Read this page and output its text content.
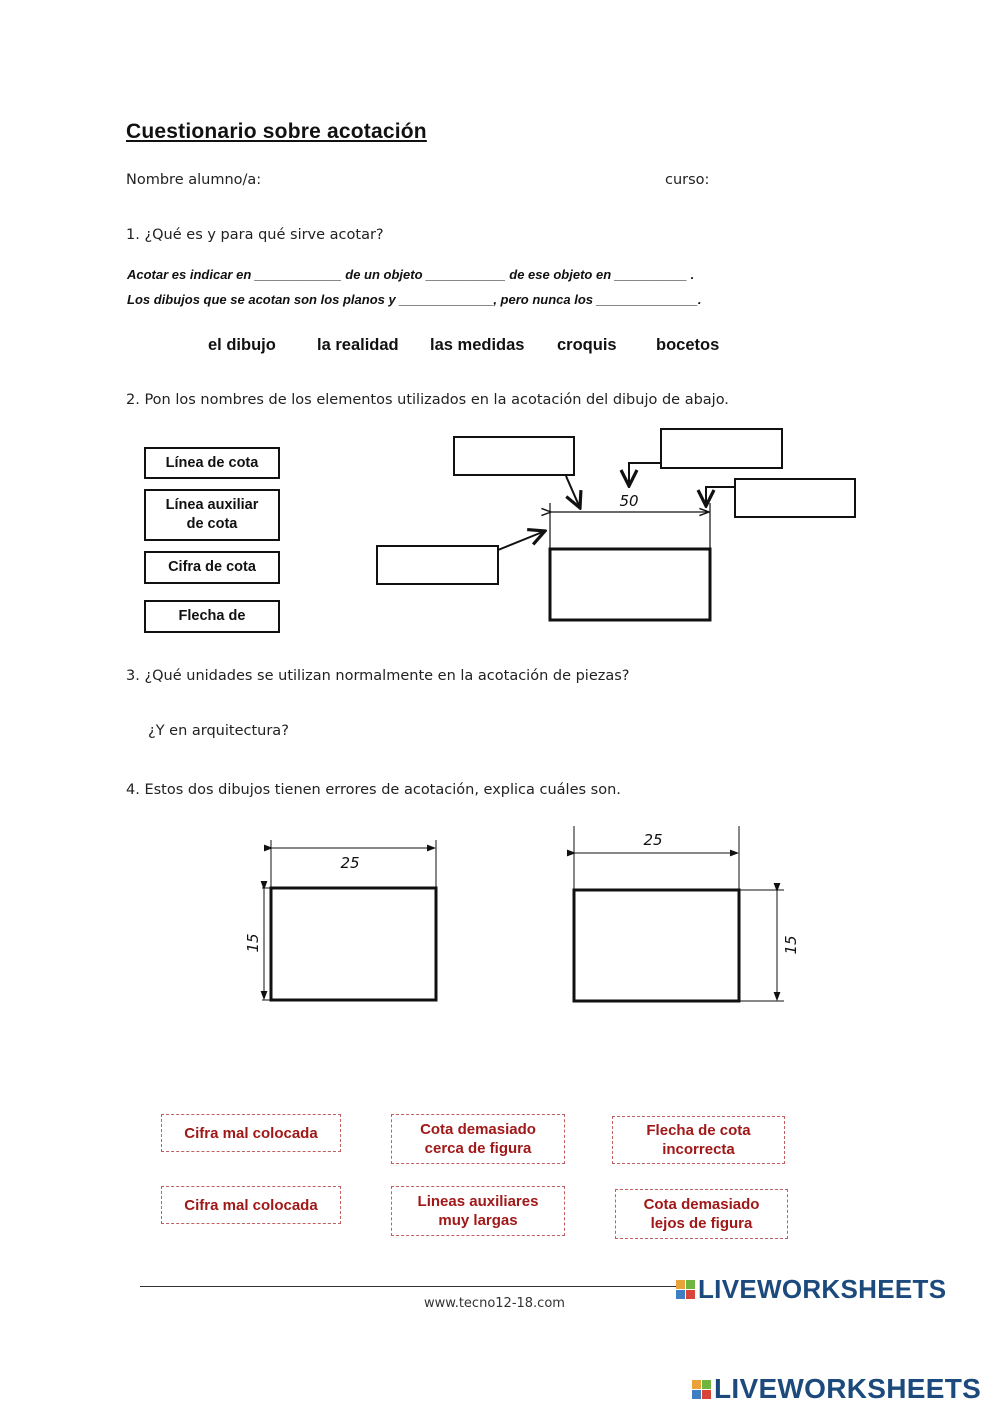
Cuestionario sobre acotación
Nombre alumno/a:	curso:
1. ¿Qué es y para qué sirve acotar?
Acotar es indicar en ____________ de un objeto ___________ de ese objeto en __________ .
Los dibujos que se acotan son los planos y _____________, pero nunca los ______________.
el dibujo la realidad las medidas croquis bocetos
2. Pon los nombres de los elementos utilizados en la acotación del dibujo de abajo.
Línea de cota
Línea auxiliar de cota
Cifra de cota
Flecha de
50
3. ¿Qué unidades se utilizan normalmente en la acotación de piezas?
¿Y en arquitectura?
4. Estos dos dibujos tienen errores de acotación, explica cuáles son.
25
15
25
15
Cifra mal colocada	Cota demasiado cerca de figura
Flecha de cota incorrecta
Cifra mal colocada	Lineas auxiliares muy largas
Cota demasiado lejos de figura
www.tecno12-18.com	LIVEWORKSHEETS
LIVEWORKSHEETS
